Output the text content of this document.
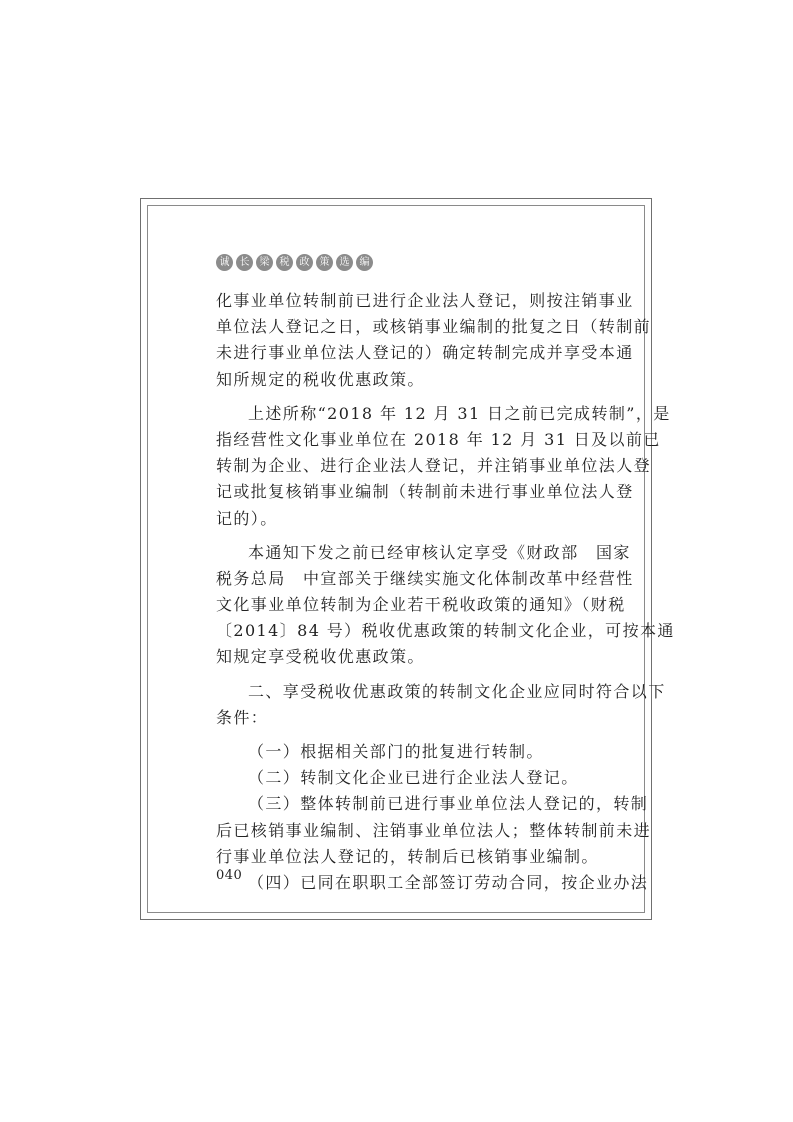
诚	长	梁	税	政	策	选	编
化事业单位转制前已进行企业法人登记，则按注销事业
单位法人登记之日，或核销事业编制的批复之日（转制前
未进行事业单位法人登记的）确定转制完成并享受本通
知所规定的税收优惠政策。
上述所称“2018 年 12 月 31 日之前已完成转制”，是
指经营性文化事业单位在 2018 年 12 月 31 日及以前已
转制为企业、进行企业法人登记，并注销事业单位法人登
记或批复核销事业编制（转制前未进行事业单位法人登
记的）。
本通知下发之前已经审核认定享受《财政部　国家
税务总局　中宣部关于继续实施文化体制改革中经营性
文化事业单位转制为企业若干税收政策的通知》（财税
〔2014〕84 号）税收优惠政策的转制文化企业，可按本通
知规定享受税收优惠政策。
二、享受税收优惠政策的转制文化企业应同时符合以下
条件：
（一）根据相关部门的批复进行转制。
（二）转制文化企业已进行企业法人登记。
（三）整体转制前已进行事业单位法人登记的，转制
后已核销事业编制、注销事业单位法人；整体转制前未进
行事业单位法人登记的，转制后已核销事业编制。
（四）已同在职职工全部签订劳动合同，按企业办法
040
